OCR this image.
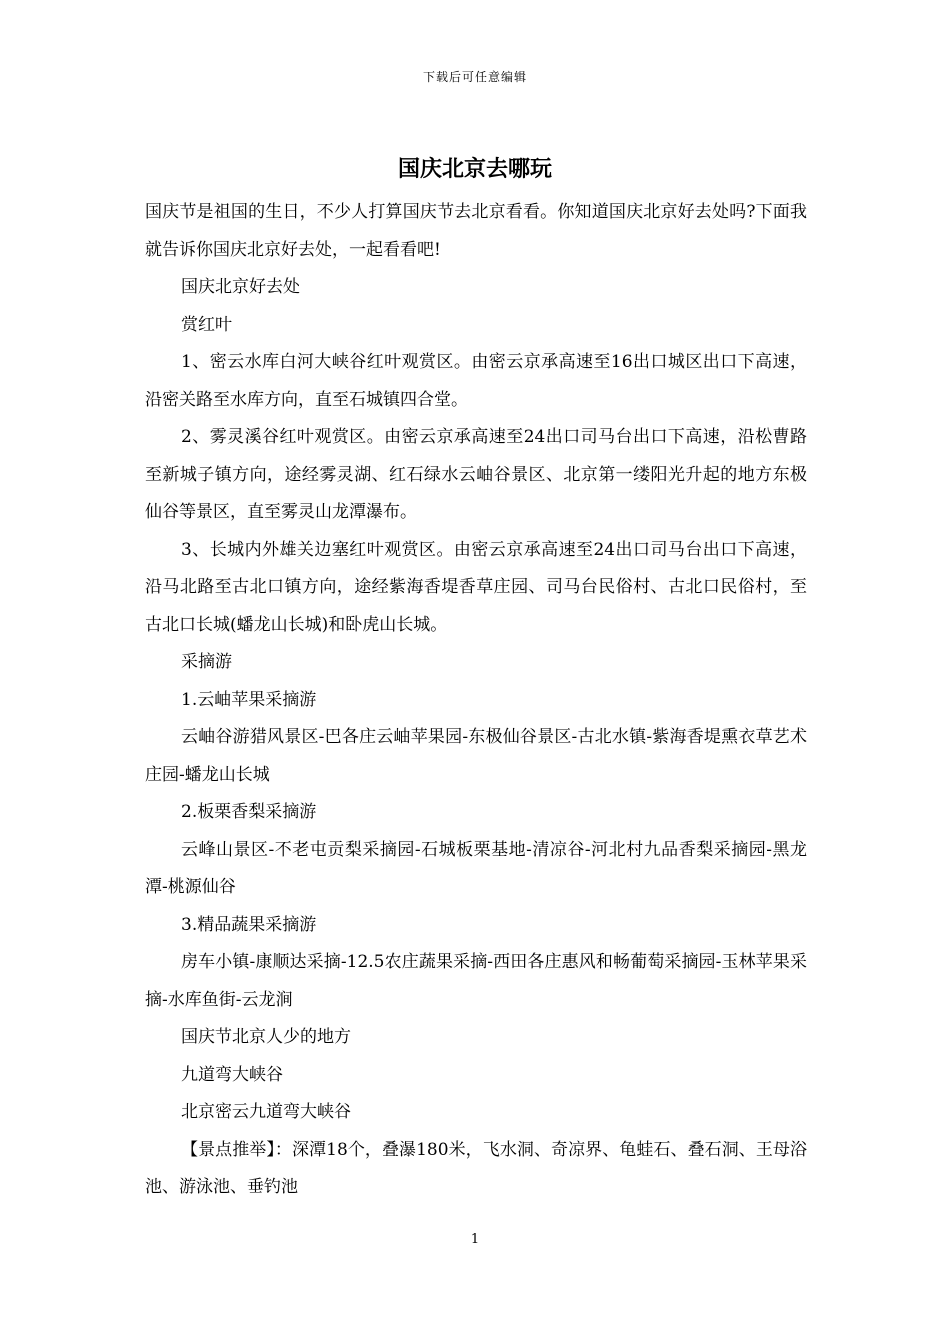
下载后可任意编辑
国庆北京去哪玩

国庆节是祖国的生日，不少人打算国庆节去北京看看。你知道国庆北京好去处吗?下面我就告诉你国庆北京好去处，一起看看吧!

国庆北京好去处

赏红叶

1、密云水库白河大峡谷红叶观赏区。由密云京承高速至16出口城区出口下高速，沿密关路至水库方向，直至石城镇四合堂。

2、雾灵溪谷红叶观赏区。由密云京承高速至24出口司马台出口下高速，沿松曹路至新城子镇方向，途经雾灵湖、红石绿水云岫谷景区、北京第一缕阳光升起的地方东极仙谷等景区，直至雾灵山龙潭瀑布。

3、长城内外雄关边塞红叶观赏区。由密云京承高速至24出口司马台出口下高速，沿马北路至古北口镇方向，途经紫海香堤香草庄园、司马台民俗村、古北口民俗村，至古北口长城(蟠龙山长城)和卧虎山长城。

采摘游

1.云岫苹果采摘游

云岫谷游猎风景区-巴各庄云岫苹果园-东极仙谷景区-古北水镇-紫海香堤熏衣草艺术庄园-蟠龙山长城

2.板栗香梨采摘游

云峰山景区-不老屯贡梨采摘园-石城板栗基地-清凉谷-河北村九品香梨采摘园-黑龙潭-桃源仙谷

3.精品蔬果采摘游

房车小镇-康顺达采摘-12.5农庄蔬果采摘-西田各庄惠风和畅葡萄采摘园-玉林苹果采摘-水库鱼街-云龙涧

国庆节北京人少的地方

九道弯大峡谷

北京密云九道弯大峡谷

【景点推举】：深潭18个，叠瀑180米，飞水洞、奇凉界、龟蛙石、叠石洞、王母浴池、游泳池、垂钓池

1
